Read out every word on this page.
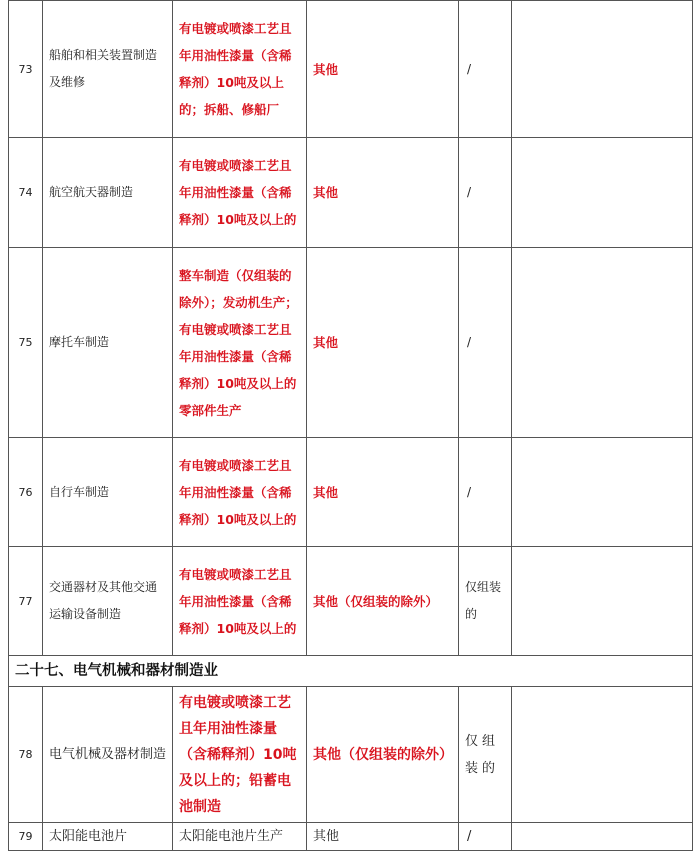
73	船舶和相关装置制造及维修	有电镀或喷漆工艺且年用油性漆量（含稀释剂）10吨及以上的；拆船、修船厂	其他	/	
74	航空航天器制造	有电镀或喷漆工艺且年用油性漆量（含稀释剂）10吨及以上的	其他	/	
75	摩托车制造	整车制造（仅组装的除外）；发动机生产；有电镀或喷漆工艺且年用油性漆量（含稀释剂）10吨及以上的零部件生产	其他	/	
76	自行车制造	有电镀或喷漆工艺且年用油性漆量（含稀释剂）10吨及以上的	其他	/	
77	交通器材及其他交通运输设备制造	有电镀或喷漆工艺且年用油性漆量（含稀释剂）10吨及以上的	其他（仅组装的除外）	仅组装的	
二十七、电气机械和器材制造业					
78	电气机械及器材制造	有电镀或喷漆工艺且年用油性漆量（含稀释剂）10吨及以上的；铅蓄电池制造	其他（仅组装的除外）	仅组装的	
79	太阳能电池片	太阳能电池片生产	其他	/	
